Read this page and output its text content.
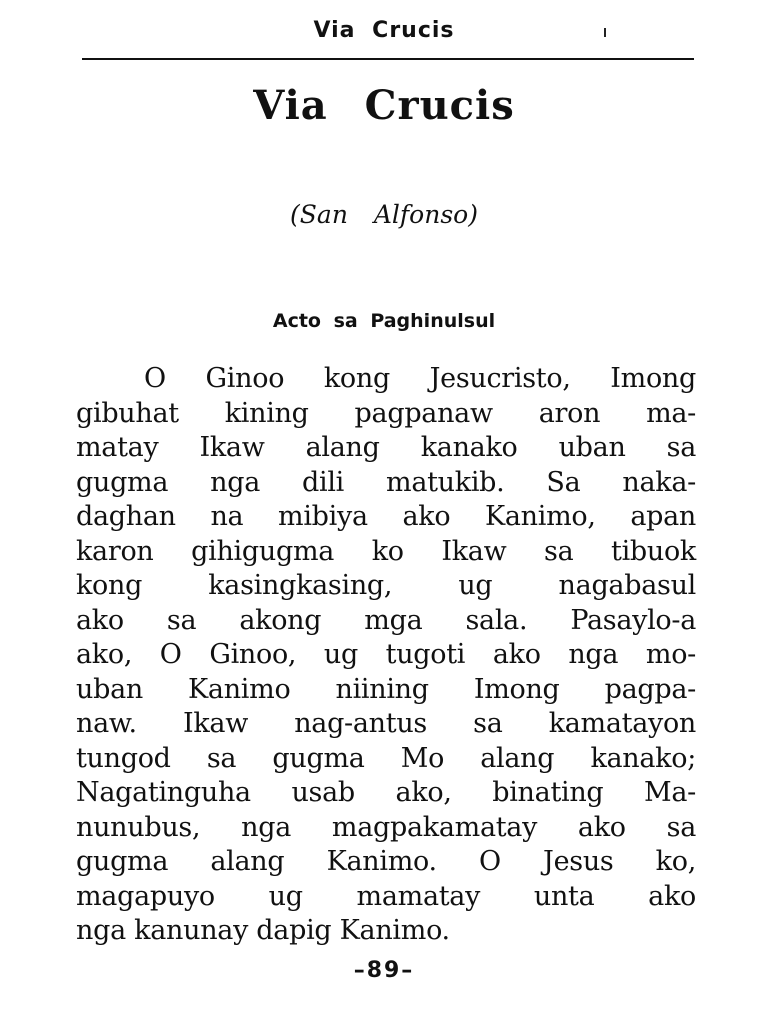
Via Crucis
Via Crucis
(San Alfonso)
Acto sa Paghinulsul
O Ginoo kong Jesucristo, Imong
gibuhat kining pagpanaw aron ma-
matay Ikaw alang kanako uban sa
gugma nga dili matukib. Sa naka-
daghan na mibiya ako Kanimo, apan
karon gihigugma ko Ikaw sa tibuok
kong kasingkasing, ug nagabasul
ako sa akong mga sala. Pasaylo-a
ako, O Ginoo, ug tugoti ako nga mo-
uban Kanimo niining Imong pagpa-
naw. Ikaw nag-antus sa kamatayon
tungod sa gugma Mo alang kanako;
Nagatinguha usab ako, binating Ma-
nunubus, nga magpakamatay ako sa
gugma alang Kanimo. O Jesus ko,
magapuyo ug mamatay unta ako
nga kanunay dapig Kanimo.
–89–
